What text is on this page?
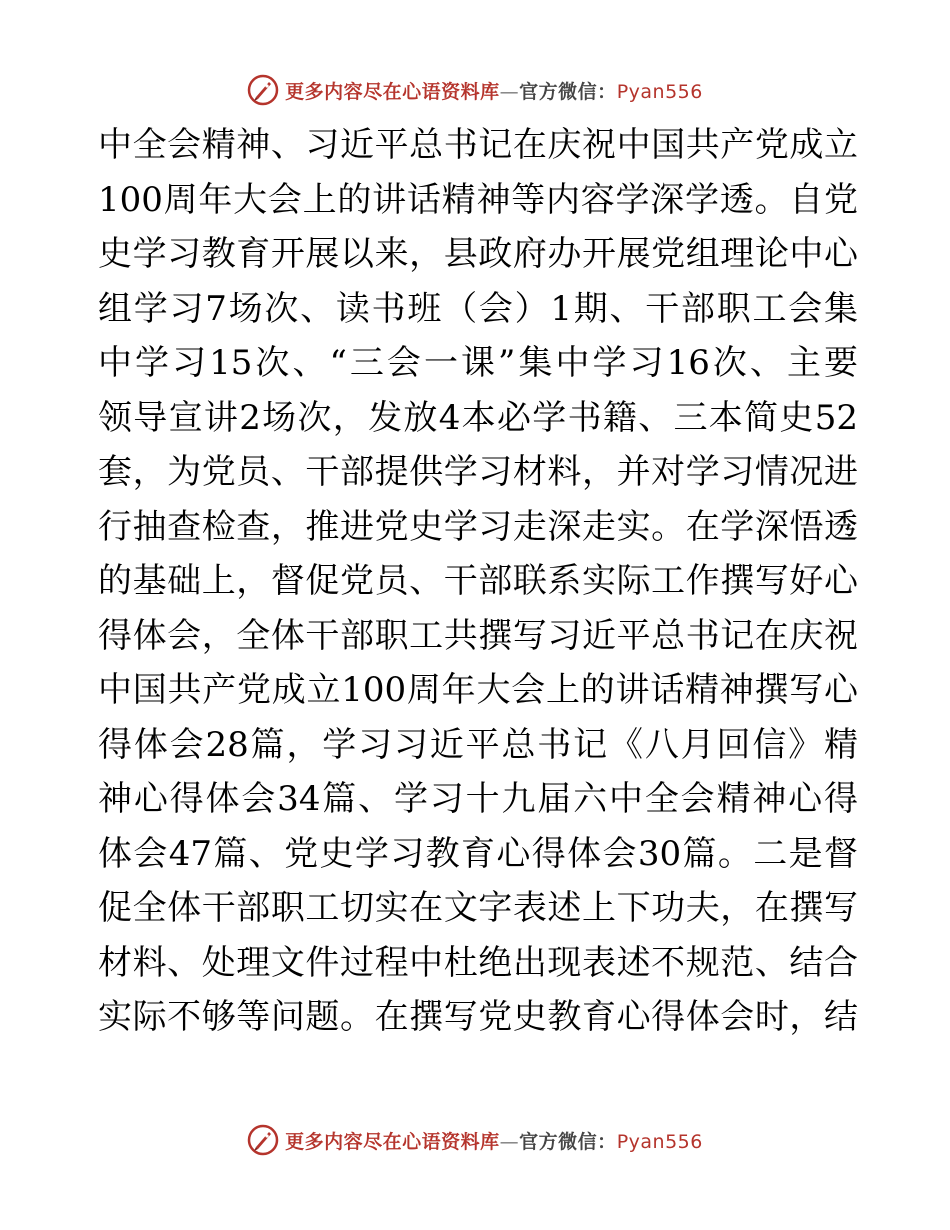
更多内容尽在心语资料库—官方微信：Pyan556
中全会精神、习近平总书记在庆祝中国共产党成立
100周年大会上的讲话精神等内容学深学透。自党
史学习教育开展以来，县政府办开展党组理论中心
组学习7场次、读书班（会）1期、干部职工会集
中学习15次、“三会一课”集中学习16次、主要
领导宣讲2场次，发放4本必学书籍、三本简史52
套，为党员、干部提供学习材料，并对学习情况进
行抽查检查，推进党史学习走深走实。在学深悟透
的基础上，督促党员、干部联系实际工作撰写好心
得体会，全体干部职工共撰写习近平总书记在庆祝
中国共产党成立100周年大会上的讲话精神撰写心
得体会28篇，学习习近平总书记《八月回信》精
神心得体会34篇、学习十九届六中全会精神心得
体会47篇、党史学习教育心得体会30篇。二是督
促全体干部职工切实在文字表述上下功夫，在撰写
材料、处理文件过程中杜绝出现表述不规范、结合
实际不够等问题。在撰写党史教育心得体会时，结
更多内容尽在心语资料库—官方微信：Pyan556
